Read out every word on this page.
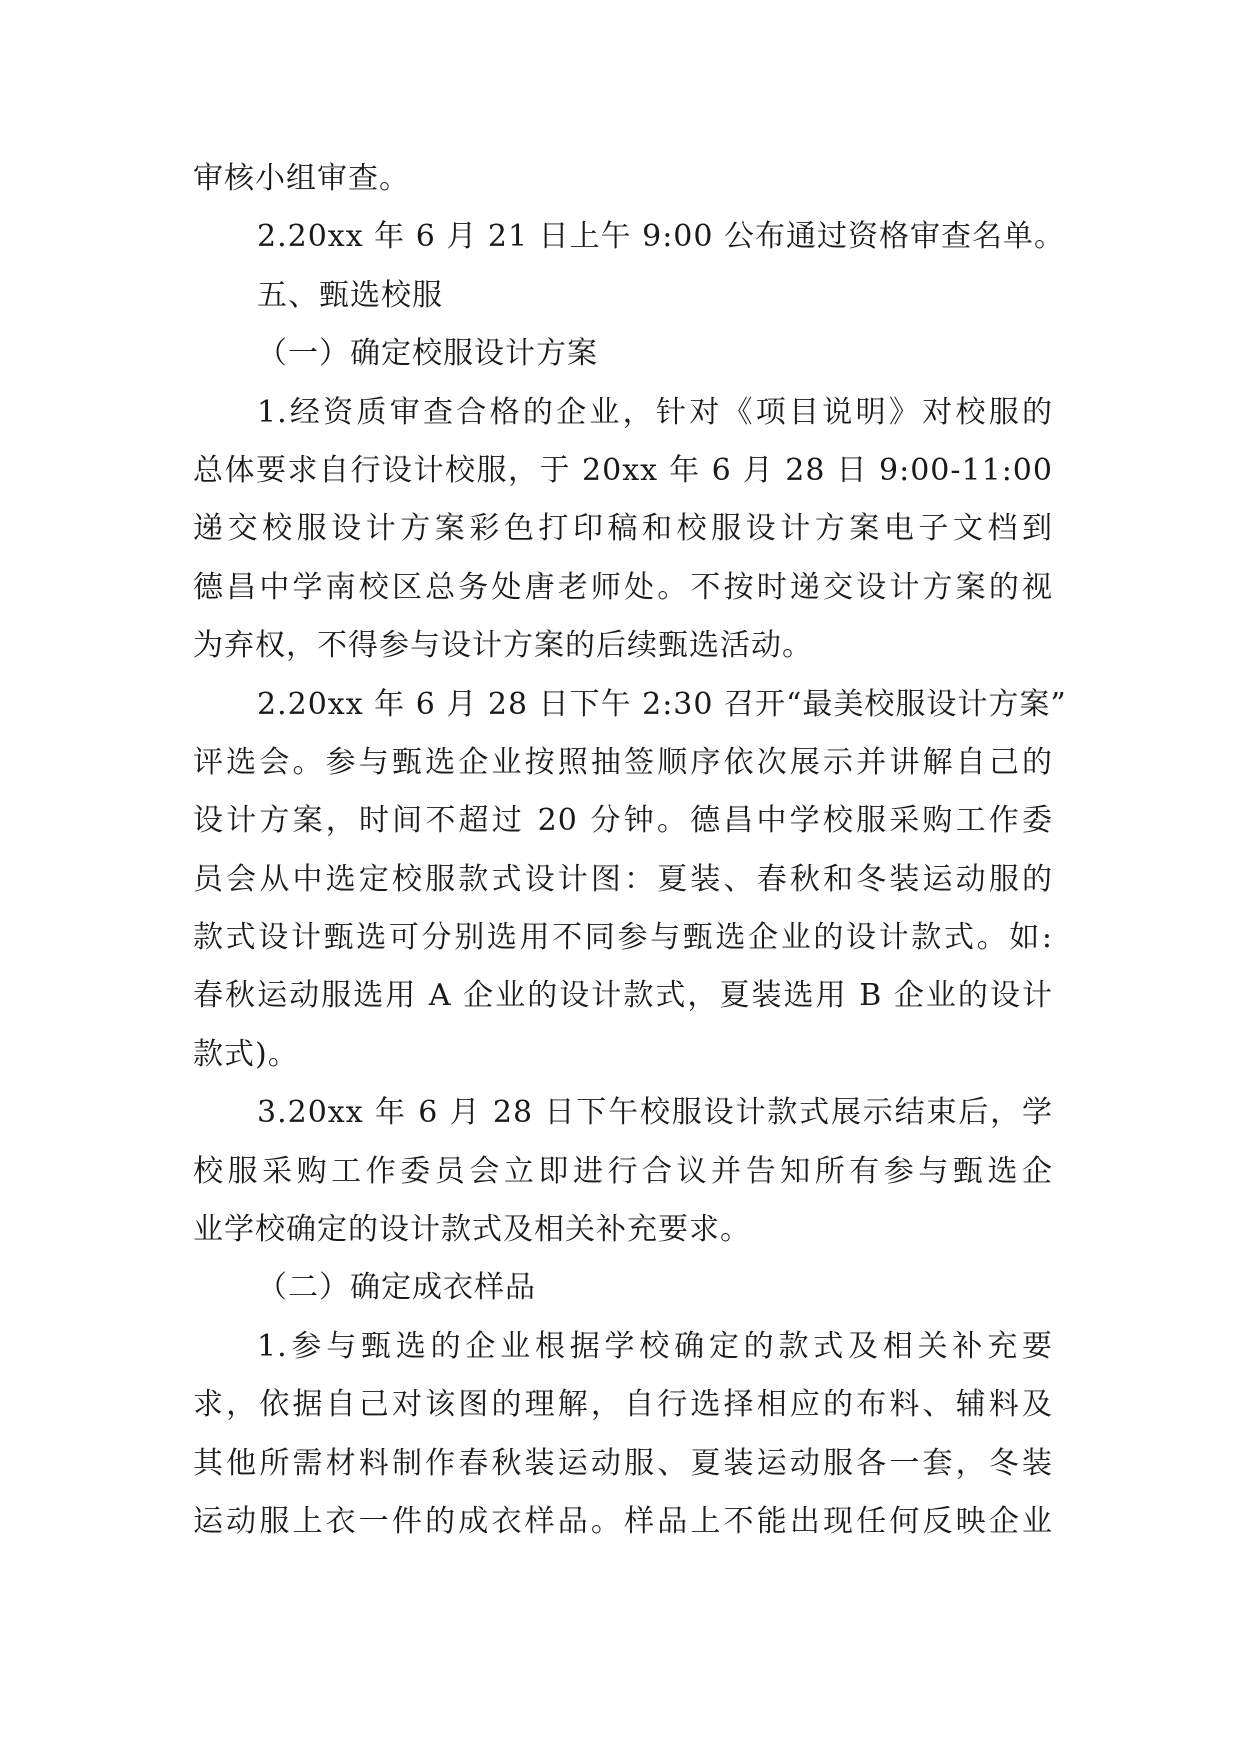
审核小组审查。
2.20xx 年 6 月 21 日上午 9:00 公布通过资格审查名单。
五、甄选校服
（一）确定校服设计方案
1.经资质审查合格的企业，针对《项目说明》对校服的
总体要求自行设计校服，于 20xx 年 6 月 28 日 9:00-11:00
递交校服设计方案彩色打印稿和校服设计方案电子文档到
德昌中学南校区总务处唐老师处。不按时递交设计方案的视
为弃权，不得参与设计方案的后续甄选活动。
2.20xx 年 6 月 28 日下午 2:30 召开“最美校服设计方案”
评选会。参与甄选企业按照抽签顺序依次展示并讲解自己的
设计方案，时间不超过 20 分钟。德昌中学校服采购工作委
员会从中选定校服款式设计图：夏装、春秋和冬装运动服的
款式设计甄选可分别选用不同参与甄选企业的设计款式。如:
春秋运动服选用 A 企业的设计款式，夏装选用 B 企业的设计
款式)。
3.20xx 年 6 月 28 日下午校服设计款式展示结束后，学
校服采购工作委员会立即进行合议并告知所有参与甄选企
业学校确定的设计款式及相关补充要求。
（二）确定成衣样品
1.参与甄选的企业根据学校确定的款式及相关补充要
求，依据自己对该图的理解，自行选择相应的布料、辅料及
其他所需材料制作春秋装运动服、夏装运动服各一套，冬装
运动服上衣一件的成衣样品。样品上不能出现任何反映企业
